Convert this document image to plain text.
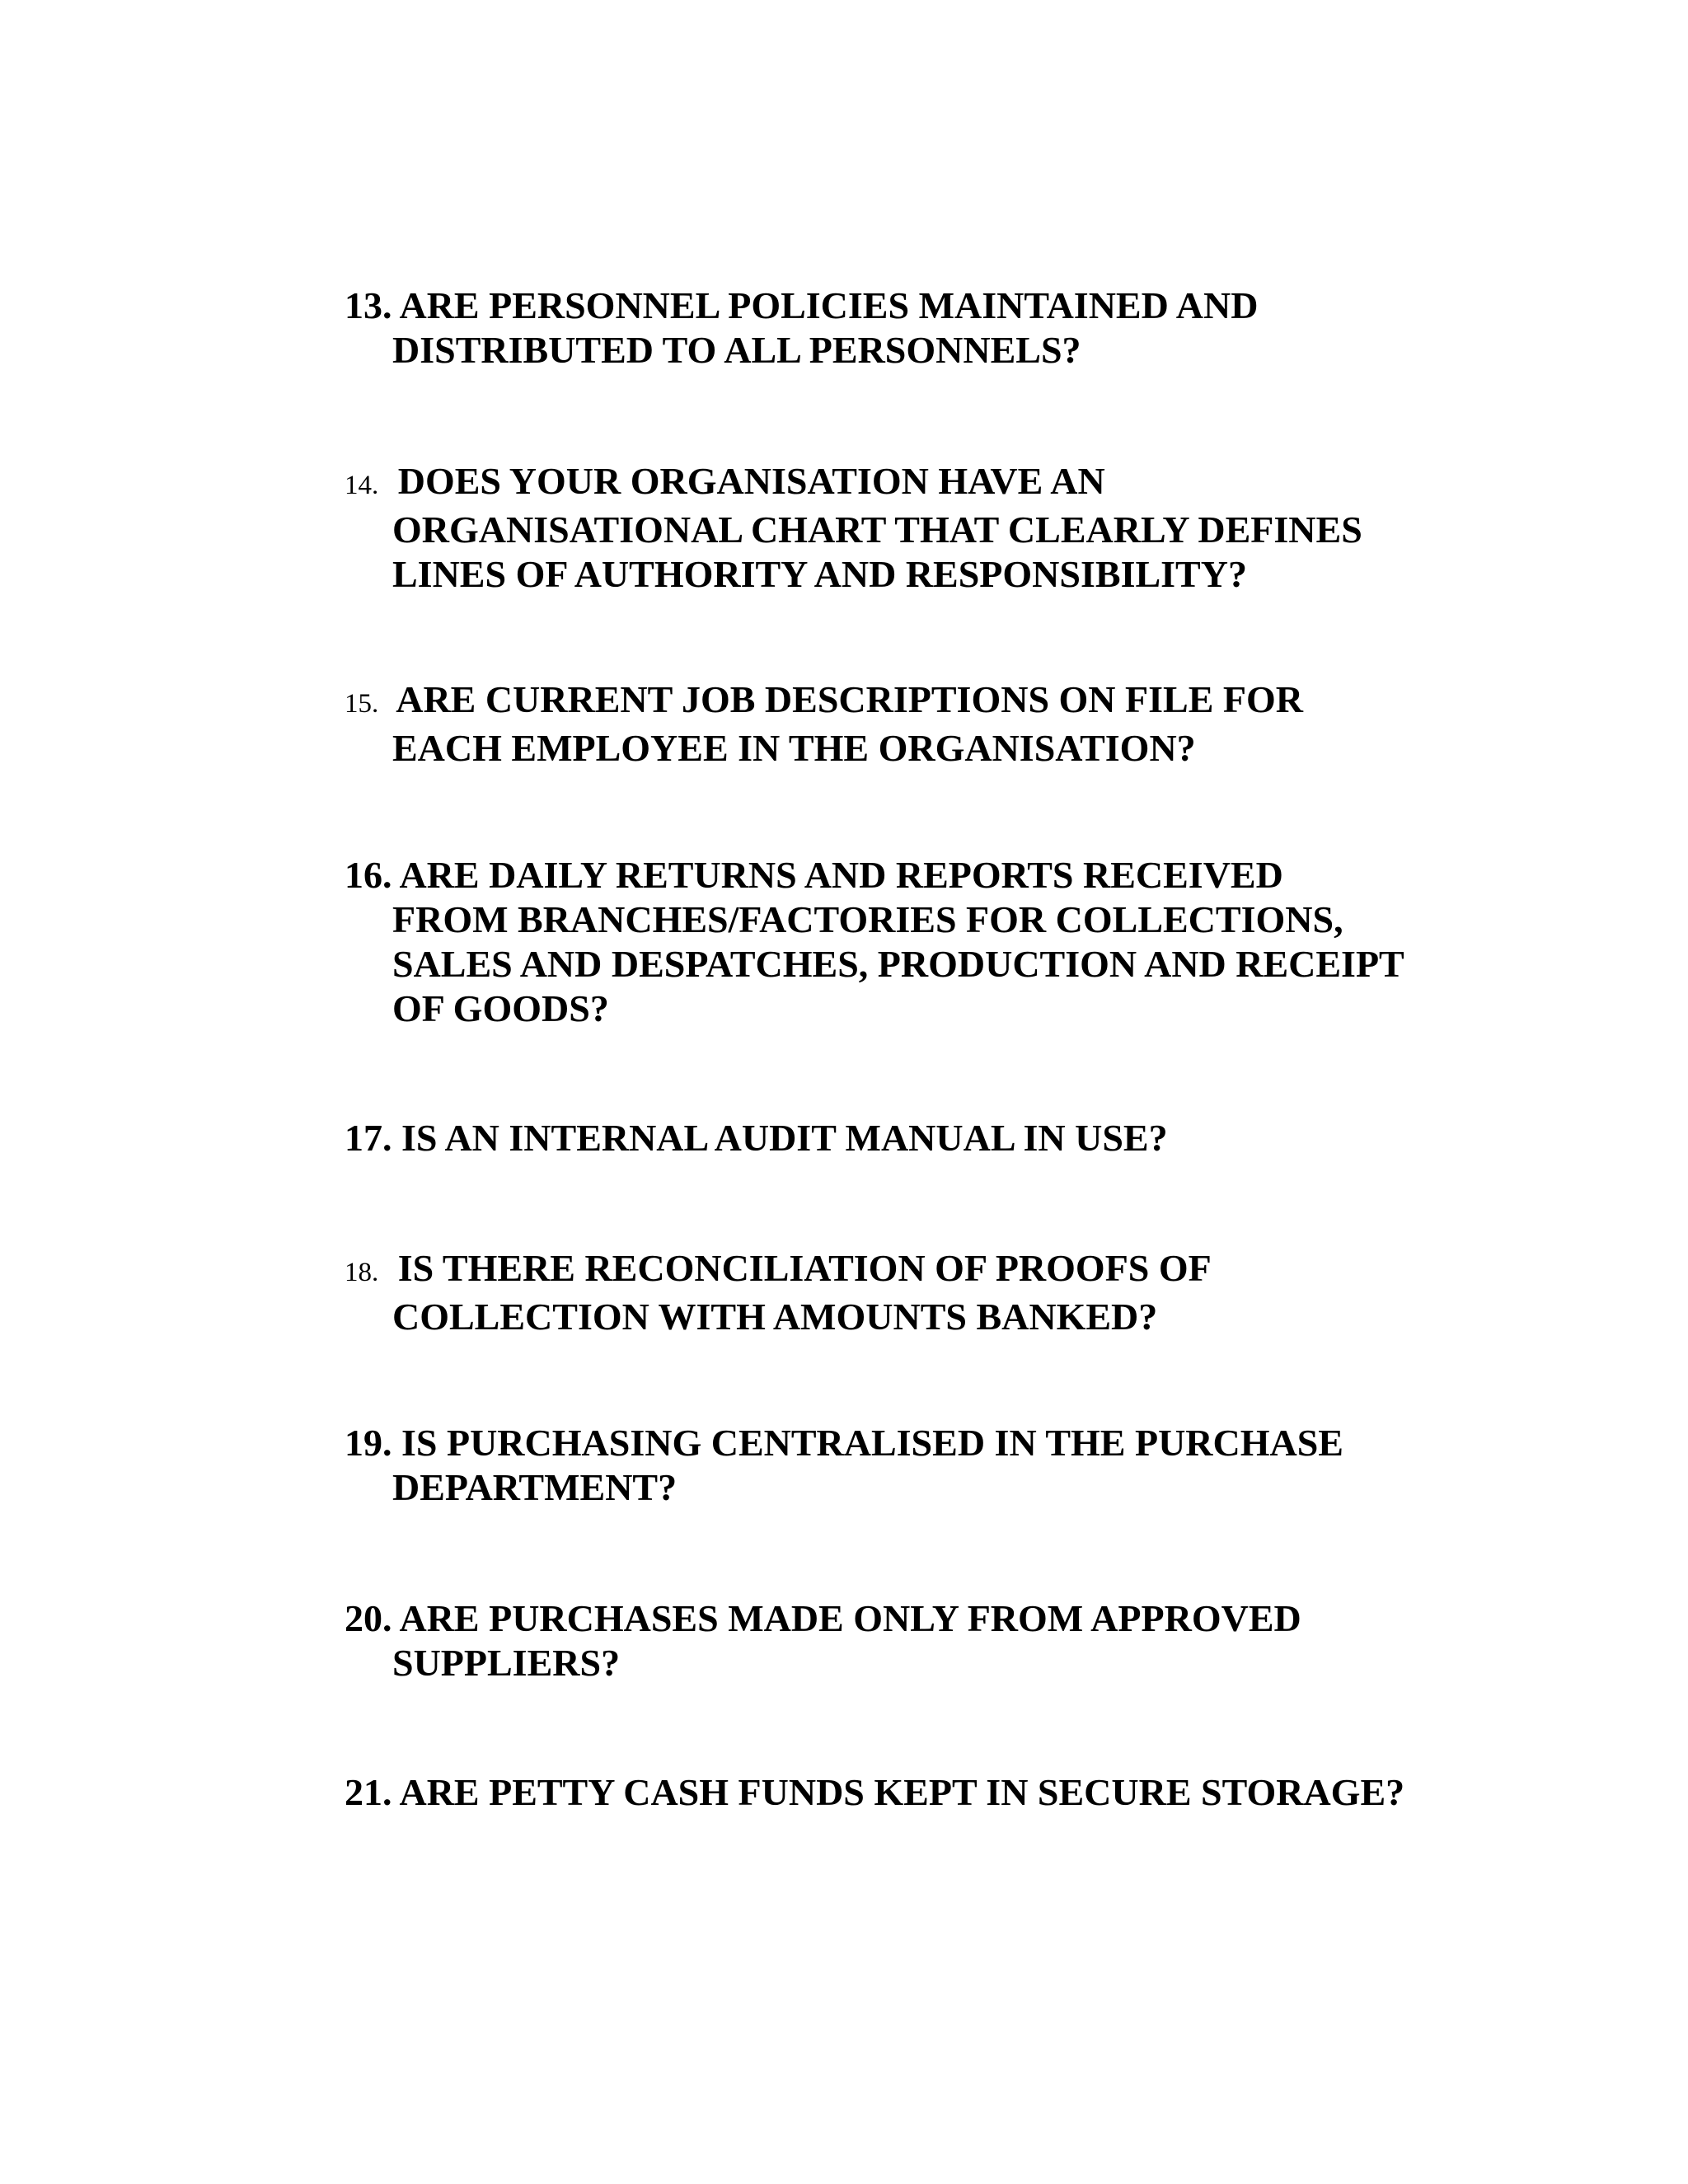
13. ARE PERSONNEL POLICIES MAINTAINED AND
DISTRIBUTED TO ALL PERSONNELS?
14. DOES YOUR ORGANISATION HAVE AN
ORGANISATIONAL CHART THAT CLEARLY DEFINES
LINES OF AUTHORITY AND RESPONSIBILITY?
15. ARE CURRENT JOB DESCRIPTIONS ON FILE FOR
EACH EMPLOYEE IN THE ORGANISATION?
16. ARE DAILY RETURNS AND REPORTS RECEIVED
FROM BRANCHES/FACTORIES FOR COLLECTIONS,
SALES AND DESPATCHES, PRODUCTION AND RECEIPT
OF GOODS?
17. IS AN INTERNAL AUDIT MANUAL IN USE?
18. IS THERE RECONCILIATION OF PROOFS OF
COLLECTION WITH AMOUNTS BANKED?
19. IS PURCHASING CENTRALISED IN THE PURCHASE
DEPARTMENT?
20. ARE PURCHASES MADE ONLY FROM APPROVED
SUPPLIERS?
21. ARE PETTY CASH FUNDS KEPT IN SECURE STORAGE?
